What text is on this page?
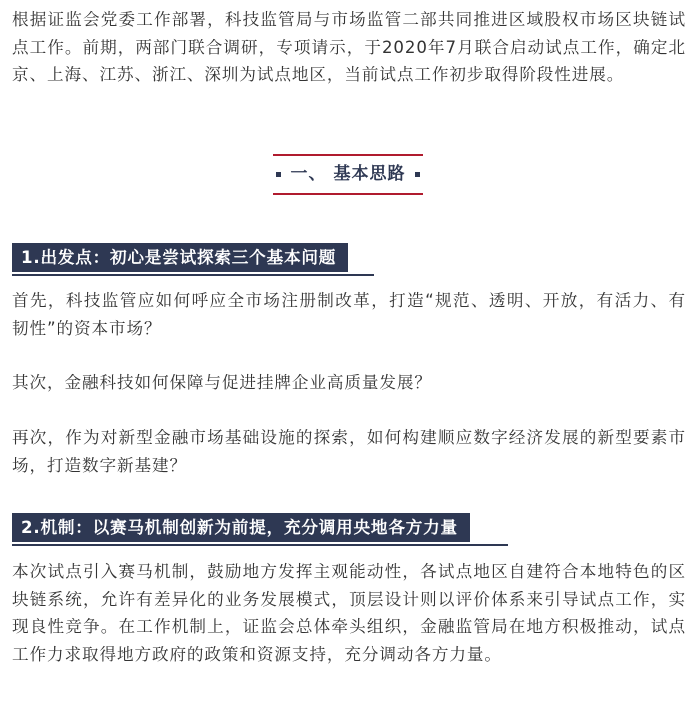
根据证监会党委工作部署，科技监管局与市场监管二部共同推进区域股权市场区块链试点工作。前期，两部门联合调研，专项请示，于2020年7月联合启动试点工作，确定北京、上海、江苏、浙江、深圳为试点地区，当前试点工作初步取得阶段性进展。

一、 基本思路
1.出发点：初心是尝试探索三个基本问题

首先，科技监管应如何呼应全市场注册制改革，打造“规范、透明、开放，有活力、有韧性”的资本市场？

其次，金融科技如何保障与促进挂牌企业高质量发展？

再次，作为对新型金融市场基础设施的探索，如何构建顺应数字经济发展的新型要素市场，打造数字新基建？

2.机制：以赛马机制创新为前提，充分调用央地各方力量

本次试点引入赛马机制，鼓励地方发挥主观能动性，各试点地区自建符合本地特色的区块链系统，允许有差异化的业务发展模式，顶层设计则以评价体系来引导试点工作，实现良性竞争。在工作机制上，证监会总体牵头组织，金融监管局在地方积极推动，试点工作力求取得地方政府的政策和资源支持，充分调动各方力量。
